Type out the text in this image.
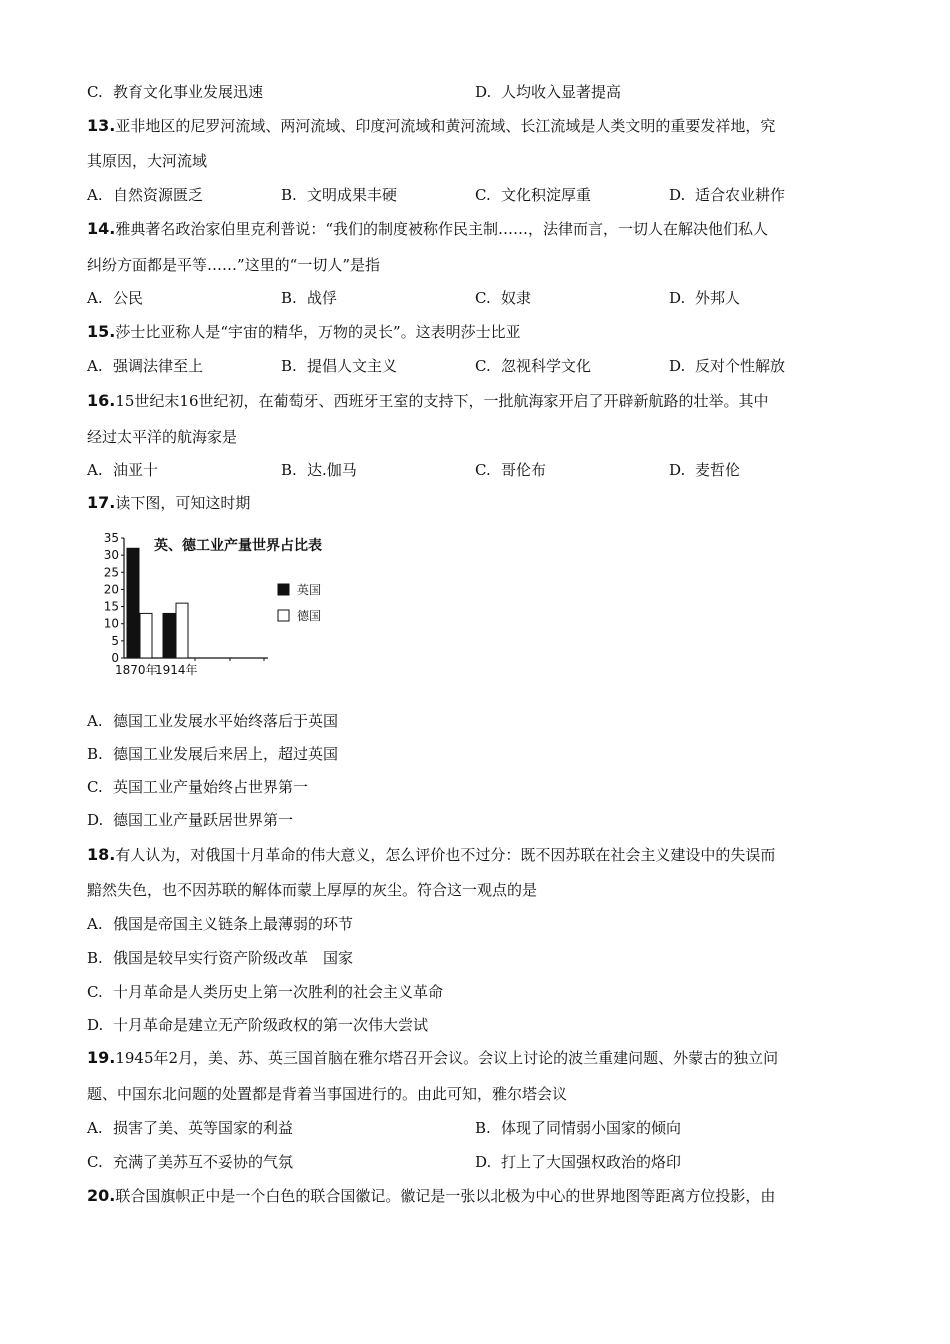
C. 教育文化事业发展迅速	D. 人均收入显著提高
13.亚非地区的尼罗河流域、两河流域、印度河流域和黄河流域、长江流域是人类文明的重要发祥地，究
其原因，大河流域
A. 自然资源匮乏	B. 文明成果丰硬	C. 文化积淀厚重	D. 适合农业耕作
14.雅典著名政治家伯里克利普说：“我们的制度被称作民主制……，法律而言，一切人在解决他们私人
纠纷方面都是平等……”这里的“一切人”是指
A. 公民	B. 战俘	C. 奴隶	D. 外邦人
15.莎士比亚称人是“宇宙的精华，万物的灵长”。这表明莎士比亚
A. 强调法律至上	B. 提倡人文主义	C. 忽视科学文化	D. 反对个性解放
16.15世纪末16世纪初，在葡萄牙、西班牙王室的支持下，一批航海家开启了开辟新航路的壮举。其中
经过太平洋的航海家是
A. 油亚十	B. 达.伽马	C. 哥伦布	D. 麦哲伦
17.读下图，可知这时期
英、德工业产量世界占比表
0
5
10
15
20
25
30
35
1870年
1914年
英国
德国
A. 德国工业发展水平始终落后于英国
B. 德国工业发展后来居上，超过英国
C. 英国工业产量始终占世界第一
D. 德国工业产量跃居世界第一
18.有人认为，对俄国十月革命的伟大意义，怎么评价也不过分：既不因苏联在社会主义建设中的失误而
黯然失色，也不因苏联的解体而蒙上厚厚的灰尘。符合这一观点的是
A. 俄国是帝国主义链条上最薄弱的环节
B. 俄国是较早实行资产阶级改革　国家
C. 十月革命是人类历史上第一次胜利的社会主义革命
D. 十月革命是建立无产阶级政权的第一次伟大尝试
19.1945年2月，美、苏、英三国首脑在雅尔塔召开会议。会议上讨论的波兰重建问题、外蒙古的独立问
题、中国东北问题的处置都是背着当事国进行的。由此可知，雅尔塔会议
A. 损害了美、英等国家的利益	B. 体现了同情弱小国家的倾向
C. 充满了美苏互不妥协的气氛	D. 打上了大国强权政治的烙印
20.联合国旗帜正中是一个白色的联合国徽记。徽记是一张以北极为中心的世界地图等距离方位投影，由
